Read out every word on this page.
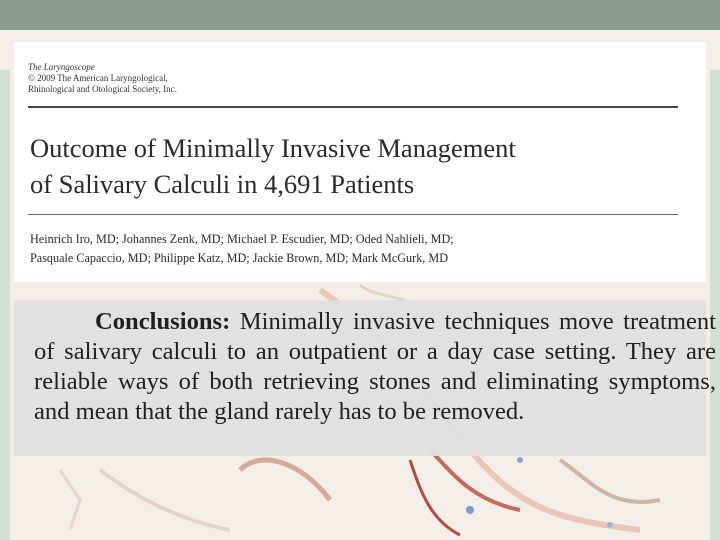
The Laryngoscope
© 2009 The American Laryngological,
Rhinological and Otological Society, Inc.
Outcome of Minimally Invasive Management
of Salivary Calculi in 4,691 Patients
Heinrich Iro, MD; Johannes Zenk, MD; Michael P. Escudier, MD; Oded Nahlieli, MD;
Pasquale Capaccio, MD; Philippe Katz, MD; Jackie Brown, MD; Mark McGurk, MD

Conclusions: Minimally invasive techniques move treatment of salivary calculi to an outpatient or a day case setting. They are reliable ways of both retrieving stones and eliminating symptoms, and mean that the gland rarely has to be removed.
